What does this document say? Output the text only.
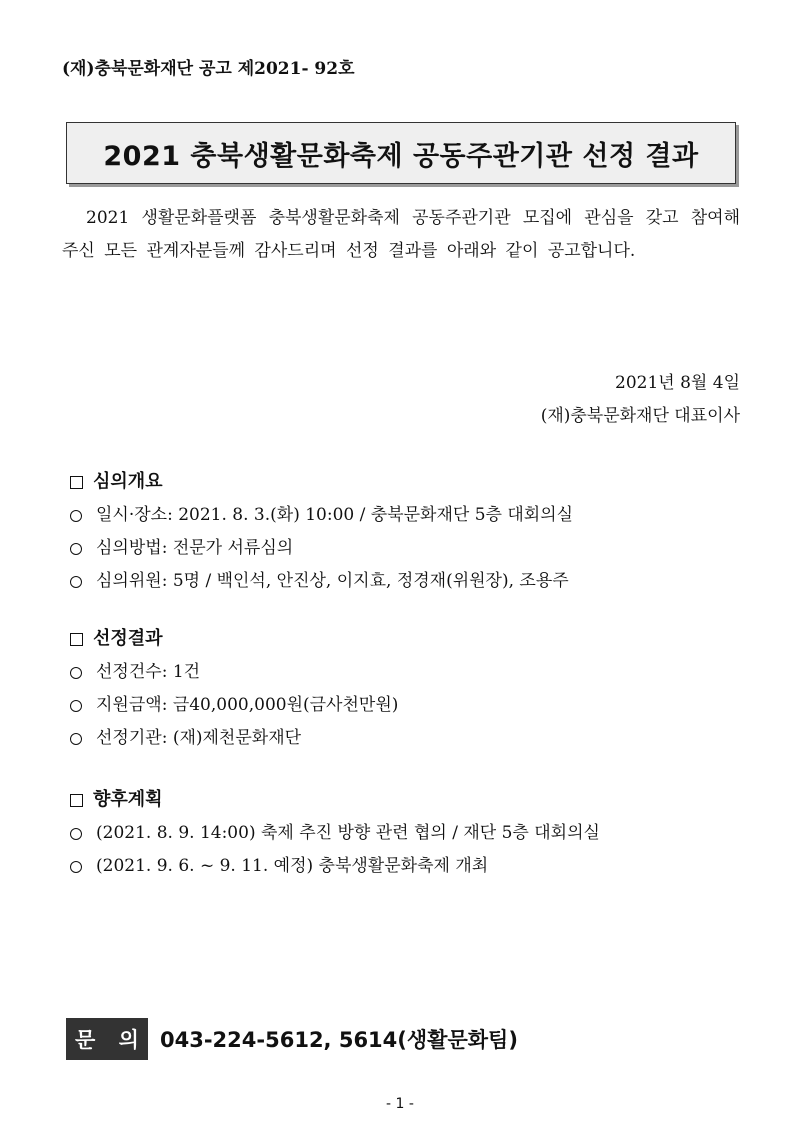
(재)충북문화재단 공고 제2021- 92호
2021 충북생활문화축제 공동주관기관 선정 결과
2021 생활문화플랫폼 충북생활문화축제 공동주관기관 모집에 관심을 갖고 참여해 주신 모든 관계자분들께 감사드리며 선정 결과를 아래와 같이 공고합니다.
2021년 8월 4일
(재)충북문화재단 대표이사
심의개요
일시·장소: 2021. 8. 3.(화) 10:00 / 충북문화재단 5층 대회의실
심의방법: 전문가 서류심의
심의위원: 5명 / 백인석, 안진상, 이지효, 정경재(위원장), 조용주
선정결과
선정건수: 1건
지원금액: 금40,000,000원(금사천만원)
선정기관: (재)제천문화재단
향후계획
(2021. 8. 9. 14:00) 축제 추진 방향 관련 협의 / 재단 5층 대회의실
(2021. 9. 6. ~ 9. 11. 예정) 충북생활문화축제 개최
문 의 043-224-5612, 5614(생활문화팀)
- 1 -
